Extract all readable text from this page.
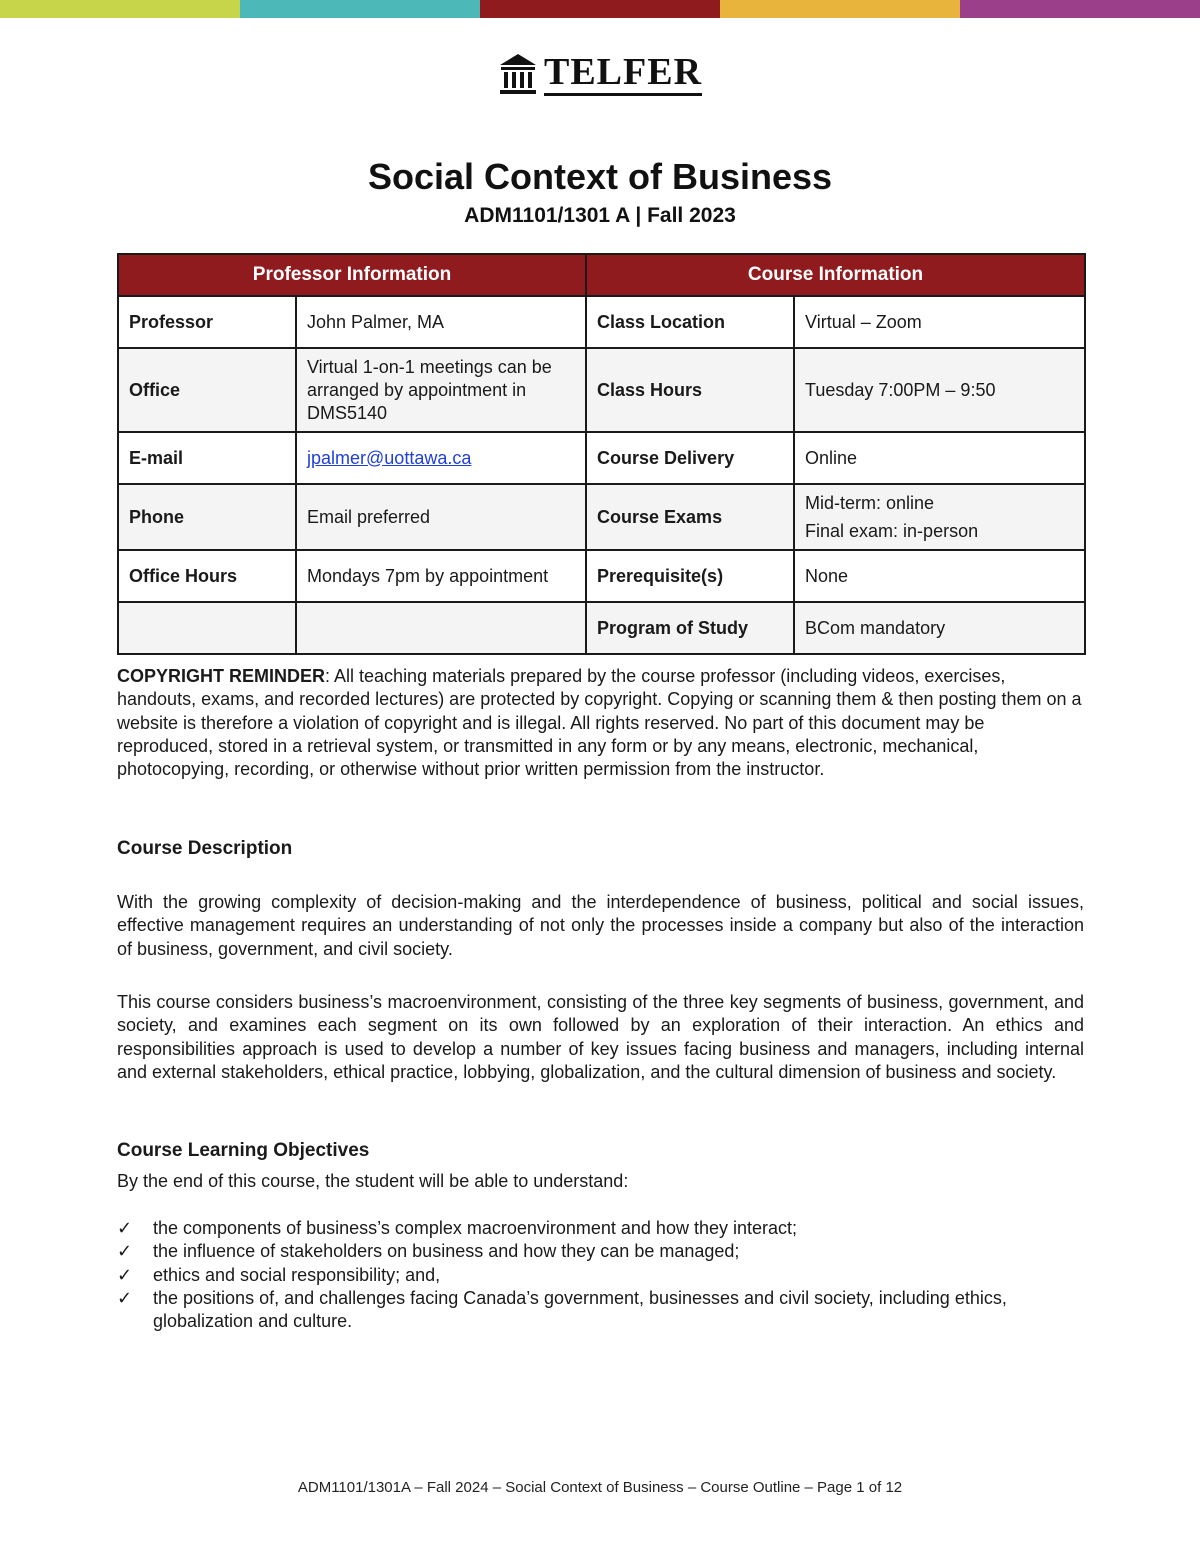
TELFER
Social Context of Business
ADM1101/1301 A | Fall 2023
Professor Information		Course Information	
Professor	John Palmer, MA	Class Location	Virtual – Zoom
Office	Virtual 1-on-1 meetings can be arranged by appointment in DMS5140	Class Hours	Tuesday 7:00PM – 9:50
E-mail	jpalmer@uottawa.ca	Course Delivery	Online
Phone	Email preferred	Course Exams	Mid-term: online
Final exam: in-person

Office Hours	Mondays 7pm by appointment	Prerequisite(s)	None
		Program of Study	BCom mandatory
COPYRIGHT REMINDER: All teaching materials prepared by the course professor (including videos, exercises, handouts, exams, and recorded lectures) are protected by copyright. Copying or scanning them & then posting them on a website is therefore a violation of copyright and is illegal. All rights reserved. No part of this document may be reproduced, stored in a retrieval system, or transmitted in any form or by any means, electronic, mechanical, photocopying, recording, or otherwise without prior written permission from the instructor.
Course Description
With the growing complexity of decision-making and the interdependence of business, political and social issues, effective management requires an understanding of not only the processes inside a company but also of the interaction of business, government, and civil society.
This course considers business’s macroenvironment, consisting of the three key segments of business, government, and society, and examines each segment on its own followed by an exploration of their interaction. An ethics and responsibilities approach is used to develop a number of key issues facing business and managers, including internal and external stakeholders, ethical practice, lobbying, globalization, and the cultural dimension of business and society.
Course Learning Objectives
By the end of this course, the student will be able to understand:
✓	the components of business’s complex macroenvironment and how they interact;
✓	the influence of stakeholders on business and how they can be managed;
✓	ethics and social responsibility; and,
✓	the positions of, and challenges facing Canada’s government, businesses and civil society, including ethics, globalization and culture.
ADM1101/1301A – Fall 2024 – Social Context of Business – Course Outline – Page 1 of 12
